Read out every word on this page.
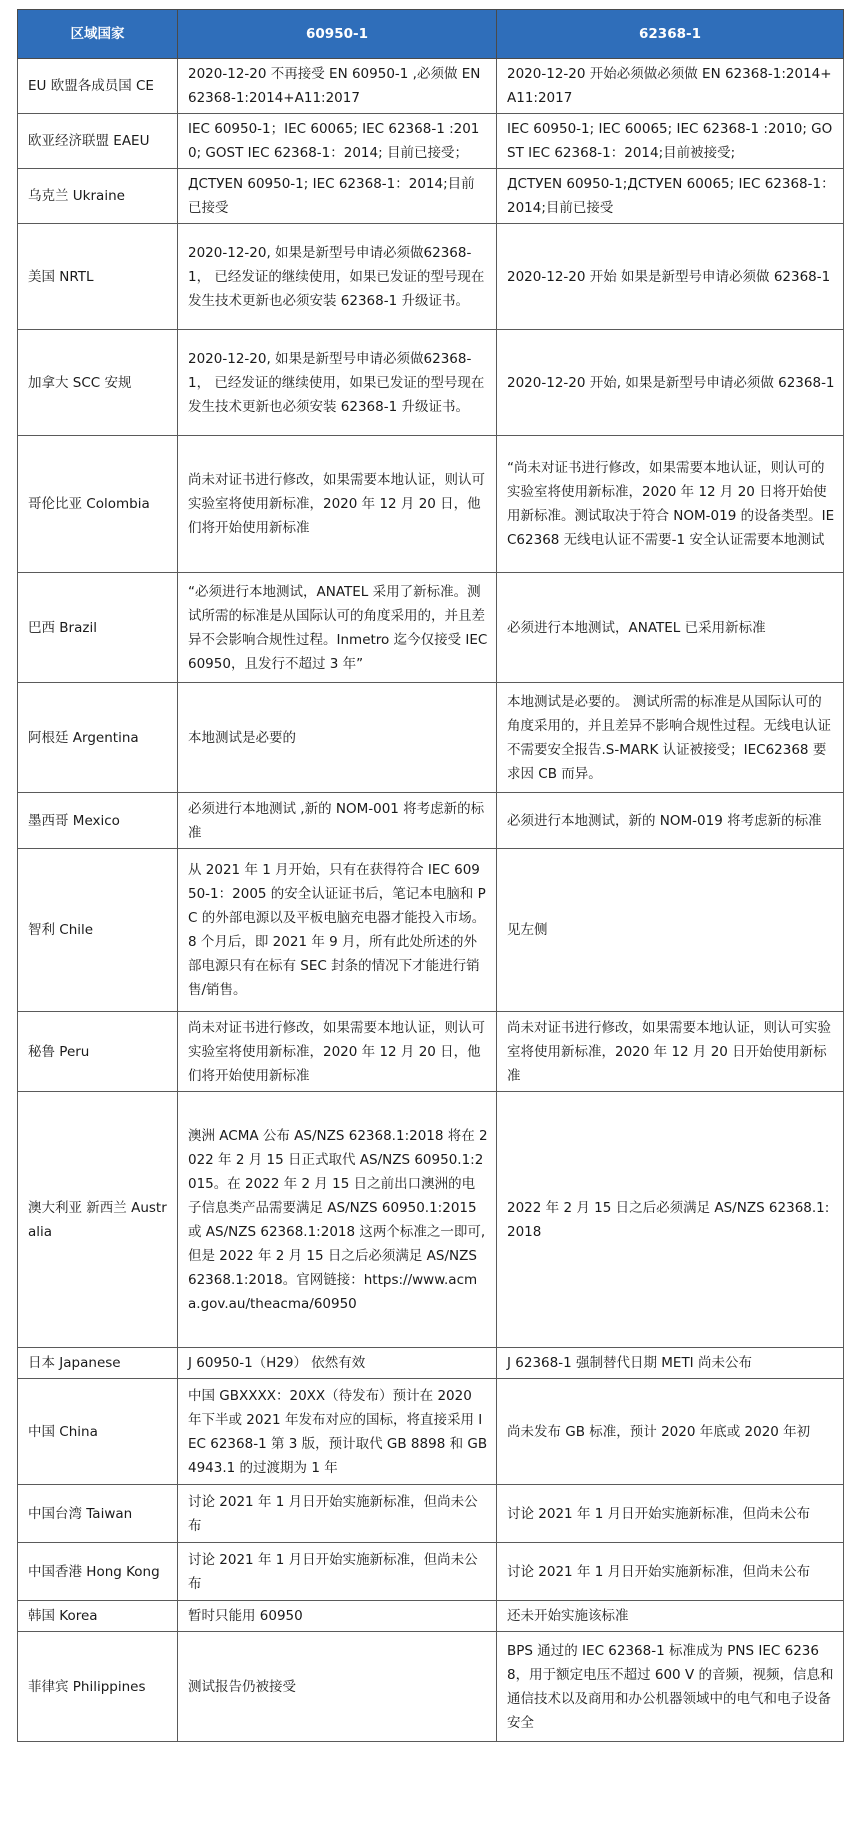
区域国家	60950-1	62368-1
EU 欧盟各成员国 CE	2020-12-20 不再接受 EN 60950-1 ,必须做 EN 62368-1:2014+A11:2017	2020-12-20 开始必须做必须做 EN 62368-1:2014+A11:2017
欧亚经济联盟 EAEU	IEC 60950-1；IEC 60065; IEC 62368-1 :2010; GOST IEC 62368-1：2014; 目前已接受；	IEC 60950-1; IEC 60065; IEC 62368-1 :2010; GOST IEC 62368-1：2014;目前被接受;
乌克兰 Ukraine	ДСТУEN 60950-1; IEC 62368-1：2014;目前已接受	ДСТУEN 60950-1;ДСТУEN 60065; IEC 62368-1：2014;目前已接受
美国 NRTL	2020-12-20, 如果是新型号申请必须做62368-1， 已经发证的继续使用，如果已发证的型号现在发生技术更新也必须安装 62368-1 升级证书。	2020-12-20 开始 如果是新型号申请必须做 62368-1
加拿大 SCC 安规	2020-12-20, 如果是新型号申请必须做62368-1， 已经发证的继续使用，如果已发证的型号现在发生技术更新也必须安装 62368-1 升级证书。	2020-12-20 开始, 如果是新型号申请必须做 62368-1
哥伦比亚 Colombia	尚未对证书进行修改，如果需要本地认证，则认可实验室将使用新标准，2020 年 12 月 20 日，他们将开始使用新标准	“尚未对证书进行修改，如果需要本地认证，则认可的实验室将使用新标准，2020 年 12 月 20 日将开始使用新标准。测试取决于符合 NOM-019 的设备类型。IEC62368 无线电认证不需要-1 安全认证需要本地测试
巴西 Brazil	“必须进行本地测试，ANATEL 采用了新标准。测试所需的标准是从国际认可的角度采用的，并且差异不会影响合规性过程。Inmetro 迄今仅接受 IEC60950，且发行不超过 3 年”	必须进行本地测试，ANATEL 已采用新标准
阿根廷 Argentina	本地测试是必要的	本地测试是必要的。 测试所需的标准是从国际认可的角度采用的，并且差异不影响合规性过程。无线电认证不需要安全报告.S-MARK 认证被接受；IEC62368 要求因 CB 而异。
墨西哥 Mexico	必须进行本地测试 ,新的 NOM-001 将考虑新的标准	必须进行本地测试，新的 NOM-019 将考虑新的标准
智利 Chile	从 2021 年 1 月开始，只有在获得符合 IEC 60950-1：2005 的安全认证证书后，笔记本电脑和 PC 的外部电源以及平板电脑充电器才能投入市场。 8 个月后，即 2021 年 9 月，所有此处所述的外部电源只有在标有 SEC 封条的情况下才能进行销售/销售。	见左侧
秘鲁 Peru	尚未对证书进行修改，如果需要本地认证，则认可实验室将使用新标准，2020 年 12 月 20 日，他们将开始使用新标准	尚未对证书进行修改，如果需要本地认证，则认可实验室将使用新标准，2020 年 12 月 20 日开始使用新标准
澳大利亚 新西兰 Australia	澳洲 ACMA 公布 AS/NZS 62368.1:2018 将在 2022 年 2 月 15 日正式取代 AS/NZS 60950.1:2015。在 2022 年 2 月 15 日之前出口澳洲的电子信息类产品需要满足 AS/NZS 60950.1:2015 或 AS/NZS 62368.1:2018 这两个标准之一即可,但是 2022 年 2 月 15 日之后必须满足 AS/NZS 62368.1:2018。官网链接：https://www.acma.gov.au/theacma/60950	2022 年 2 月 15 日之后必须满足 AS/NZS 62368.1:2018
日本 Japanese	J 60950-1（H29） 依然有效	J 62368-1 强制替代日期 METI 尚未公布
中国 China	中国 GBXXXX：20XX（待发布）预计在 2020 年下半或 2021 年发布对应的国标，将直接采用 IEC 62368-1 第 3 版，预计取代 GB 8898 和 GB 4943.1 的过渡期为 1 年	尚未发布 GB 标准，预计 2020 年底或 2020 年初
中国台湾 Taiwan	讨论 2021 年 1 月日开始实施新标准，但尚未公布	讨论 2021 年 1 月日开始实施新标准，但尚未公布
中国香港 Hong Kong	讨论 2021 年 1 月日开始实施新标准，但尚未公布	讨论 2021 年 1 月日开始实施新标准，但尚未公布
韩国 Korea	暂时只能用 60950	还未开始实施该标准
菲律宾 Philippines	测试报告仍被接受	BPS 通过的 IEC 62368-1 标准成为 PNS IEC 62368，用于额定电压不超过 600 V 的音频，视频，信息和通信技术以及商用和办公机器领域中的电气和电子设备安全
